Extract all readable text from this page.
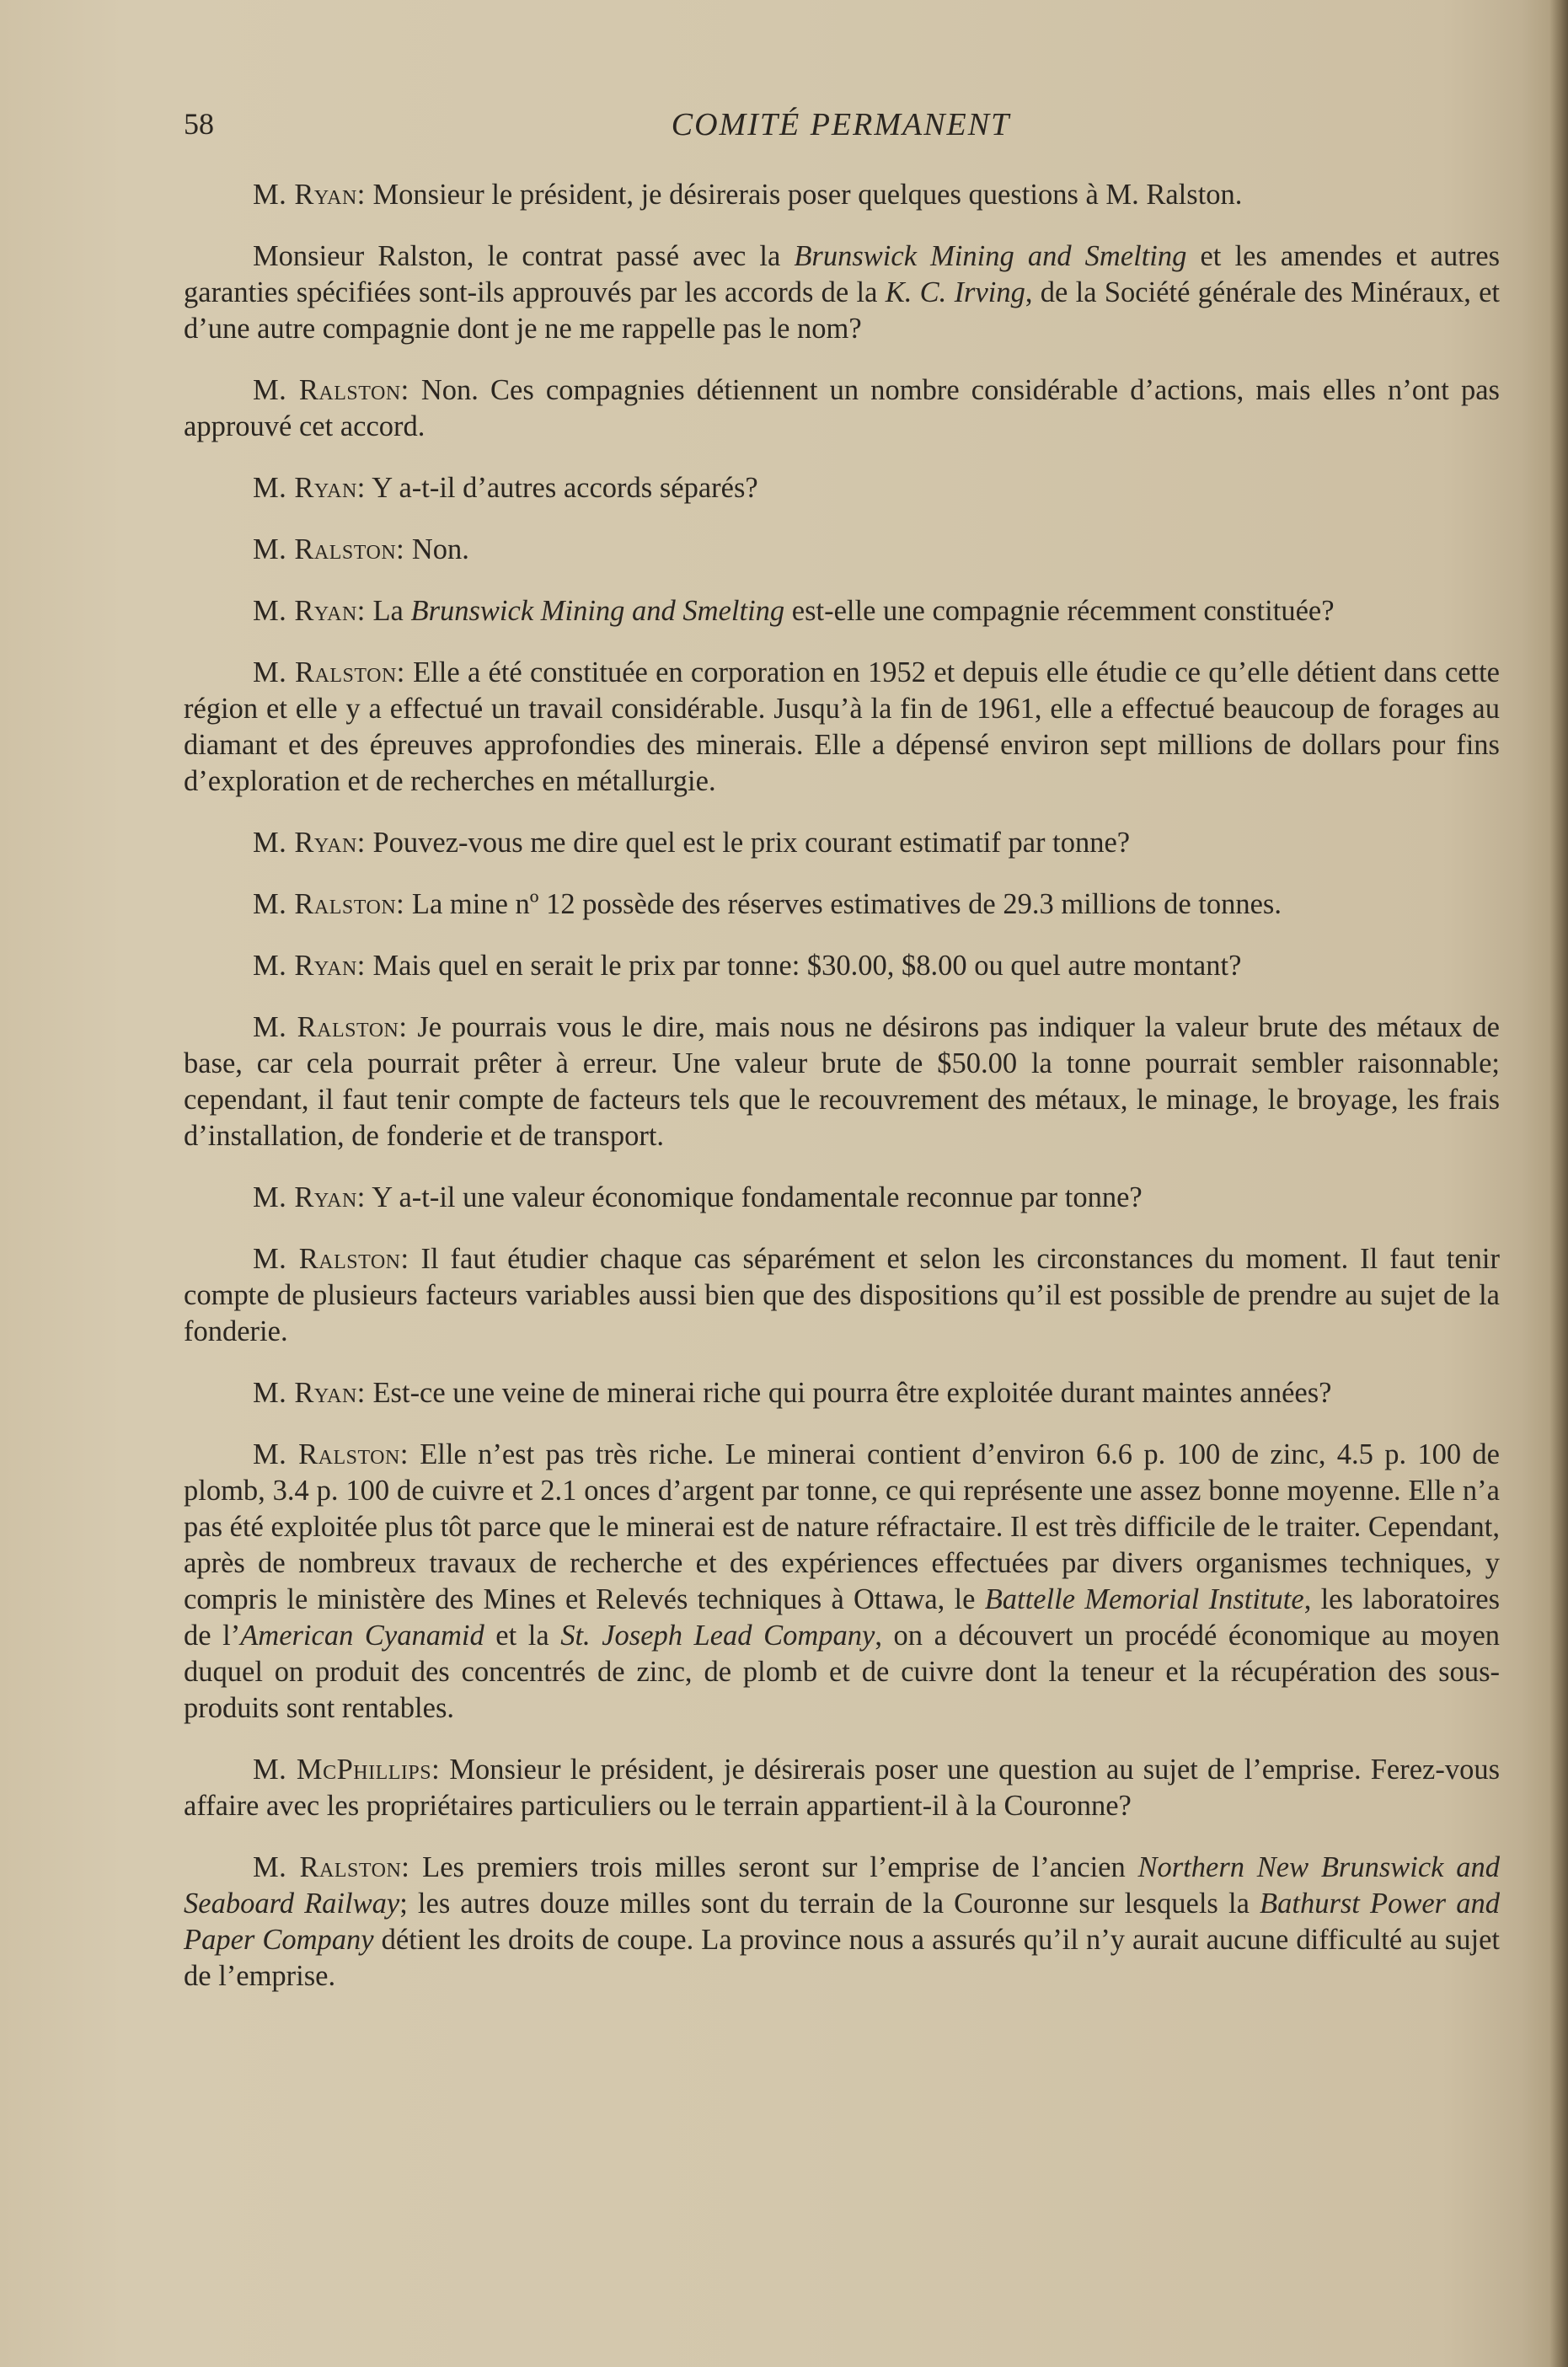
58	COMITÉ PERMANENT

M. Ryan: Monsieur le président, je désirerais poser quelques questions à M. Ralston.

Monsieur Ralston, le contrat passé avec la Brunswick Mining and Smelting et les amendes et autres garanties spécifiées sont-ils approuvés par les accords de la K. C. Irving, de la Société générale des Minéraux, et d’une autre compagnie dont je ne me rappelle pas le nom?

M. Ralston: Non. Ces compagnies détiennent un nombre considérable d’actions, mais elles n’ont pas approuvé cet accord.

M. Ryan: Y a-t-il d’autres accords séparés?

M. Ralston: Non.

M. Ryan: La Brunswick Mining and Smelting est-elle une compagnie récemment constituée?

M. Ralston: Elle a été constituée en corporation en 1952 et depuis elle étudie ce qu’elle détient dans cette région et elle y a effectué un travail considérable. Jusqu’à la fin de 1961, elle a effectué beaucoup de forages au diamant et des épreuves approfondies des minerais. Elle a dépensé environ sept millions de dollars pour fins d’exploration et de recherches en métallurgie.

M. Ryan: Pouvez-vous me dire quel est le prix courant estimatif par tonne?

M. Ralston: La mine nº 12 possède des réserves estimatives de 29.3 millions de tonnes.

M. Ryan: Mais quel en serait le prix par tonne: $30.00, $8.00 ou quel autre montant?

M. Ralston: Je pourrais vous le dire, mais nous ne désirons pas indiquer la valeur brute des métaux de base, car cela pourrait prêter à erreur. Une valeur brute de $50.00 la tonne pourrait sembler raisonnable; cependant, il faut tenir compte de facteurs tels que le recouvrement des métaux, le minage, le broyage, les frais d’installation, de fonderie et de transport.

M. Ryan: Y a-t-il une valeur économique fondamentale reconnue par tonne?

M. Ralston: Il faut étudier chaque cas séparément et selon les circonstances du moment. Il faut tenir compte de plusieurs facteurs variables aussi bien que des dispositions qu’il est possible de prendre au sujet de la fonderie.

M. Ryan: Est-ce une veine de minerai riche qui pourra être exploitée durant maintes années?

M. Ralston: Elle n’est pas très riche. Le minerai contient d’environ 6.6 p. 100 de zinc, 4.5 p. 100 de plomb, 3.4 p. 100 de cuivre et 2.1 onces d’argent par tonne, ce qui représente une assez bonne moyenne. Elle n’a pas été exploitée plus tôt parce que le minerai est de nature réfractaire. Il est très difficile de le traiter. Cependant, après de nombreux travaux de recherche et des expériences effectuées par divers organismes techniques, y compris le ministère des Mines et Relevés techniques à Ottawa, le Battelle Memorial Institute, les laboratoires de l’American Cyanamid et la St. Joseph Lead Company, on a découvert un procédé économique au moyen duquel on produit des concentrés de zinc, de plomb et de cuivre dont la teneur et la récupération des sous-produits sont rentables.

M. McPhillips: Monsieur le président, je désirerais poser une question au sujet de l’emprise. Ferez-vous affaire avec les propriétaires particuliers ou le terrain appartient-il à la Couronne?

M. Ralston: Les premiers trois milles seront sur l’emprise de l’ancien Northern New Brunswick and Seaboard Railway; les autres douze milles sont du terrain de la Couronne sur lesquels la Bathurst Power and Paper Company détient les droits de coupe. La province nous a assurés qu’il n’y aurait aucune difficulté au sujet de l’emprise.
